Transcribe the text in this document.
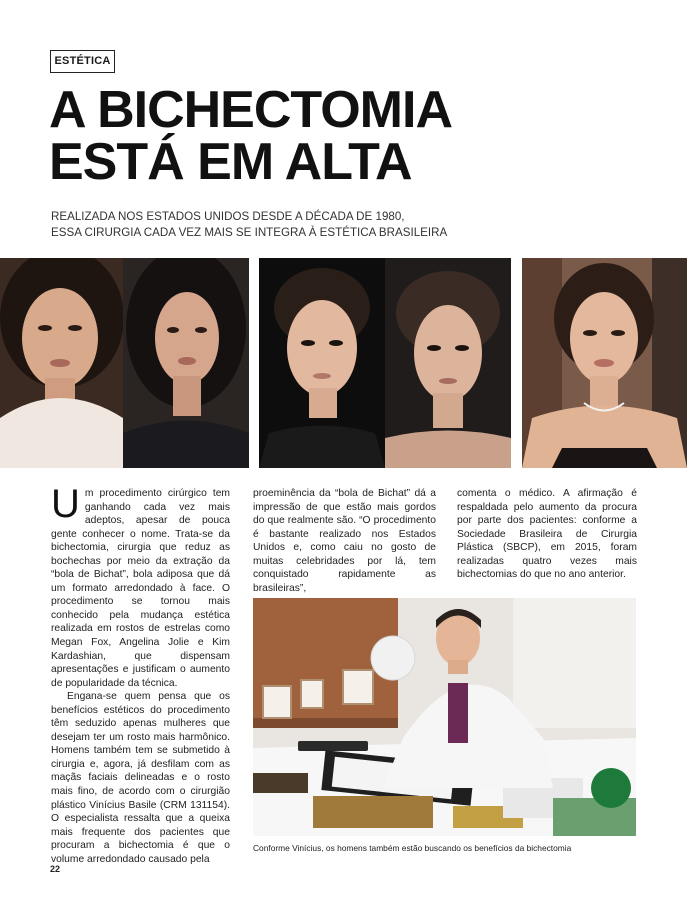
ESTÉTICA
A BICHECTOMIA
ESTÁ EM ALTA
REALIZADA NOS ESTADOS UNIDOS DESDE A DÉCADA DE 1980,
ESSA CIRURGIA CADA VEZ MAIS SE INTEGRA À ESTÉTICA BRASILEIRA

Um procedimento cirúrgico tem ganhando cada vez mais adeptos, apesar de pouca gente conhecer o nome. Trata-se da bichectomia, cirurgia que reduz as bochechas por meio da extração da “bola de Bichat”, bola adiposa que dá um formato arredondado à face. O procedimento se tornou mais conhecido pela mudança estética realizada em rostos de estrelas como Megan Fox, Angelina Jolie e Kim Kardashian, que dispensam apresentações e justificam o aumento de popularidade da técnica.

Engana-se quem pensa que os benefícios estéticos do procedimento têm seduzido apenas mulheres que desejam ter um rosto mais harmônico. Homens também tem se submetido à cirurgia e, agora, já desfilam com as maçãs faciais delineadas e o rosto mais fino, de acordo com o cirurgião plástico Vinícius Basile (CRM 131154). O especialista ressalta que a queixa mais frequente dos pacientes que procuram a bichectomia é que o volume arredondado causado pela

proeminência da “bola de Bichat” dá a impressão de que estão mais gordos do que realmente são. “O procedimento é bastante realizado nos Estados Unidos e, como caiu no gosto de muitas celebridades por lá, tem conquistado rapidamente as brasileiras”,

comenta o médico. A afirmação é respaldada pelo aumento da procura por parte dos pacientes: conforme a Sociedade Brasileira de Cirurgia Plástica (SBCP), em 2015, foram realizadas quatro vezes mais bichectomias do que no ano anterior.

Conforme Vinícius, os homens também estão buscando os benefícios da bichectomia
22
